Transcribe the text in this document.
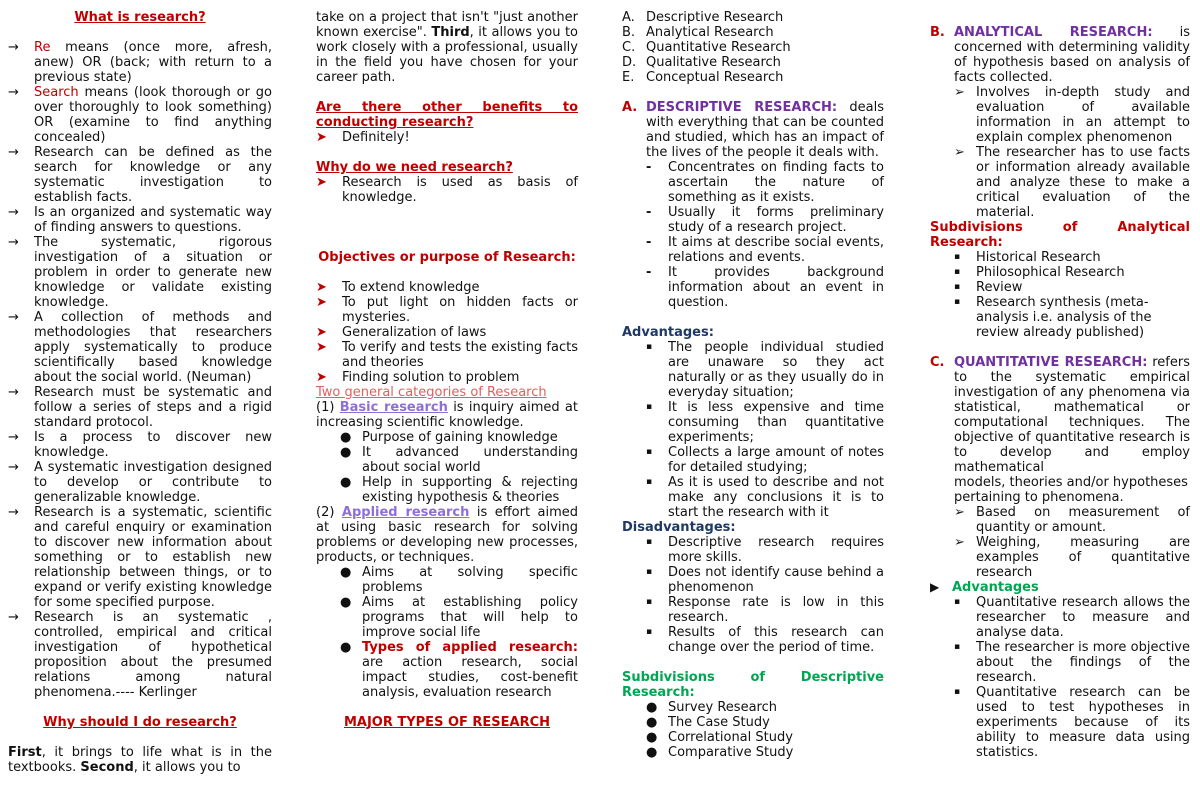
What is research?

→ Re means (once more, afresh, anew) OR (back; with return to a previous state)
→ Search means (look thorough or go over thoroughly to look something) OR (examine to find anything concealed)
→ Research can be defined as the search for knowledge or any systematic investigation to establish facts.
→ Is an organized and systematic way of finding answers to questions.
→ The systematic, rigorous investigation of a situation or problem in order to generate new knowledge or validate existing knowledge.
→ A collection of methods and methodologies that researchers apply systematically to produce scientifically based knowledge about the social world. (Neuman)
→ Research must be systematic and follow a series of steps and a rigid standard protocol.
→ Is a process to discover new knowledge.
→ A systematic investigation designed to develop or contribute to generalizable knowledge.
→ Research is a systematic, scientific and careful enquiry or examination to discover new information about something or to establish new relationship between things, or to expand or verify existing knowledge for some specified purpose.
→ Research is an systematic , controlled, empirical and critical investigation of hypothetical proposition about the presumed relations among natural phenomena.---- Kerlinger

Why should I do research?

First, it brings to life what is in the textbooks. Second, it allows you to

take on a project that isn't "just another known exercise". Third, it allows you to work closely with a professional, usually in the field you have chosen for your career path.

Are there other benefits to conducting research?

➤ Definitely!

Why do we need research?

➤ Research is used as basis of knowledge.

Objectives or purpose of Research:

➤ To extend knowledge
➤ To put light on hidden facts or mysteries.
➤ Generalization of laws
➤ To verify and tests the existing facts and theories
➤ Finding solution to problem

Two general categories of Research

(1) Basic research is inquiry aimed at increasing scientific knowledge.

● Purpose of gaining knowledge
● It advanced understanding about social world
● Help in supporting & rejecting existing hypothesis & theories

(2) Applied research is effort aimed at using basic research for solving problems or developing new processes, products, or techniques.

● Aims at solving specific problems
● Aims at establishing policy programs that will help to improve social life
● Types of applied research: are action research, social impact studies, cost-benefit analysis, evaluation research

MAJOR TYPES OF RESEARCH

A. Descriptive Research
B. Analytical Research
C. Quantitative Research
D. Qualitative Research
E. Conceptual Research
A. DESCRIPTIVE RESEARCH: deals with everything that can be counted and studied, which has an impact of the lives of the people it deals with.
- Concentrates on finding facts to ascertain the nature of something as it exists.
- Usually it forms preliminary study of a research project.
- It aims at describe social events, relations and events.
- It provides background information about an event in question.

Advantages:

▪ The people individual studied are unaware so they act naturally or as they usually do in everyday situation;
▪ It is less expensive and time consuming than quantitative experiments;
▪ Collects a large amount of notes for detailed studying;
▪ As it is used to describe and not make any conclusions it is to start the research with it

Disadvantages:

▪ Descriptive research requires more skills.
▪ Does not identify cause behind a phenomenon
▪ Response rate is low in this research.
▪ Results of this research can change over the period of time.

Subdivisions of Descriptive Research:

● Survey Research
● The Case Study
● Correlational Study
● Comparative Study
B. ANALYTICAL RESEARCH: is concerned with determining validity of hypothesis based on analysis of facts collected.
➢ Involves in-depth study and evaluation of available information in an attempt to explain complex phenomenon
➢ The researcher has to use facts or information already available and analyze these to make a critical evaluation of the material.

Subdivisions of Analytical Research:

▪ Historical Research
▪ Philosophical Research
▪ Review
▪ Research synthesis (meta-analysis i.e. analysis of the review already published)
C. QUANTITATIVE RESEARCH: refers to the systematic empirical investigation of any phenomena via statistical, mathematical or computational techniques. The objective of quantitative research is to develop and employ mathematical

models, theories and/or hypotheses pertaining to phenomena.

➢ Based on measurement of quantity or amount.
➢ Weighing, measuring are examples of quantitative research
▶ Advantages
▪ Quantitative research allows the researcher to measure and analyse data.
▪ The researcher is more objective about the findings of the research.
▪ Quantitative research can be used to test hypotheses in experiments because of its ability to measure data using statistics.
